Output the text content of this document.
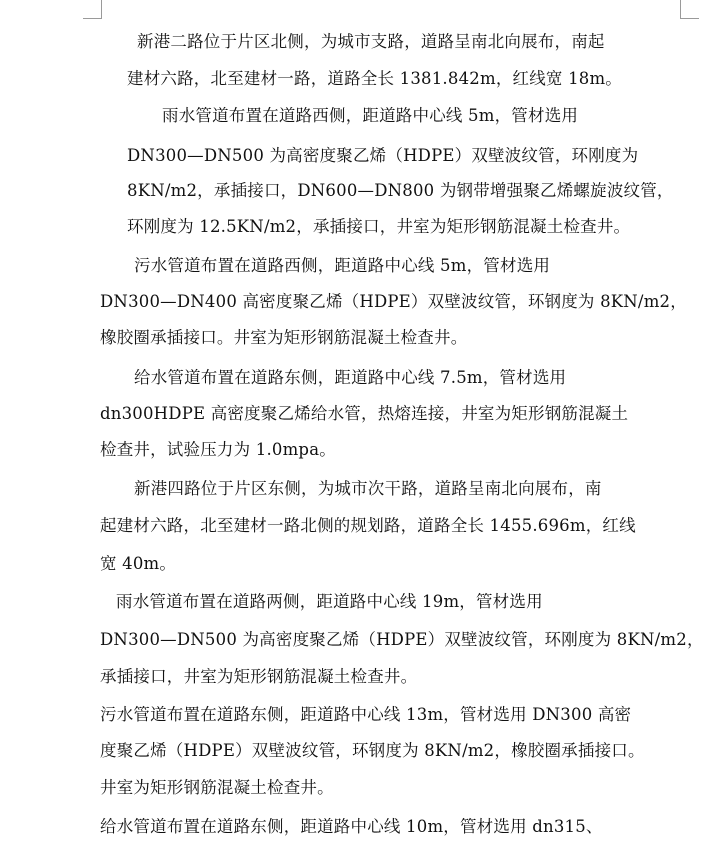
新港二路位于片区北侧，为城市支路，道路呈南北向展布，南起
建材六路，北至建材一路，道路全长 1381.842m，红线宽 18m。
雨水管道布置在道路西侧，距道路中心线 5m，管材选用
DN300—DN500 为高密度聚乙烯（HDPE）双壁波纹管，环刚度为
8KN/m2，承插接口，DN600—DN800 为钢带增强聚乙烯螺旋波纹管，
环刚度为 12.5KN/m2，承插接口，井室为矩形钢筋混凝土检查井。
污水管道布置在道路西侧，距道路中心线 5m，管材选用
DN300—DN400 高密度聚乙烯（HDPE）双壁波纹管，环钢度为 8KN/m2，
橡胶圈承插接口。井室为矩形钢筋混凝土检查井。
给水管道布置在道路东侧，距道路中心线 7.5m，管材选用
dn300HDPE 高密度聚乙烯给水管，热熔连接，井室为矩形钢筋混凝土
检查井，试验压力为 1.0mpa。
新港四路位于片区东侧，为城市次干路，道路呈南北向展布，南
起建材六路，北至建材一路北侧的规划路，道路全长 1455.696m，红线
宽 40m。
雨水管道布置在道路两侧，距道路中心线 19m，管材选用
DN300—DN500 为高密度聚乙烯（HDPE）双壁波纹管，环刚度为 8KN/m2，
承插接口，井室为矩形钢筋混凝土检查井。
污水管道布置在道路东侧，距道路中心线 13m，管材选用 DN300 高密
度聚乙烯（HDPE）双壁波纹管，环钢度为 8KN/m2，橡胶圈承插接口。
井室为矩形钢筋混凝土检查井。
给水管道布置在道路东侧，距道路中心线 10m，管材选用 dn315、
